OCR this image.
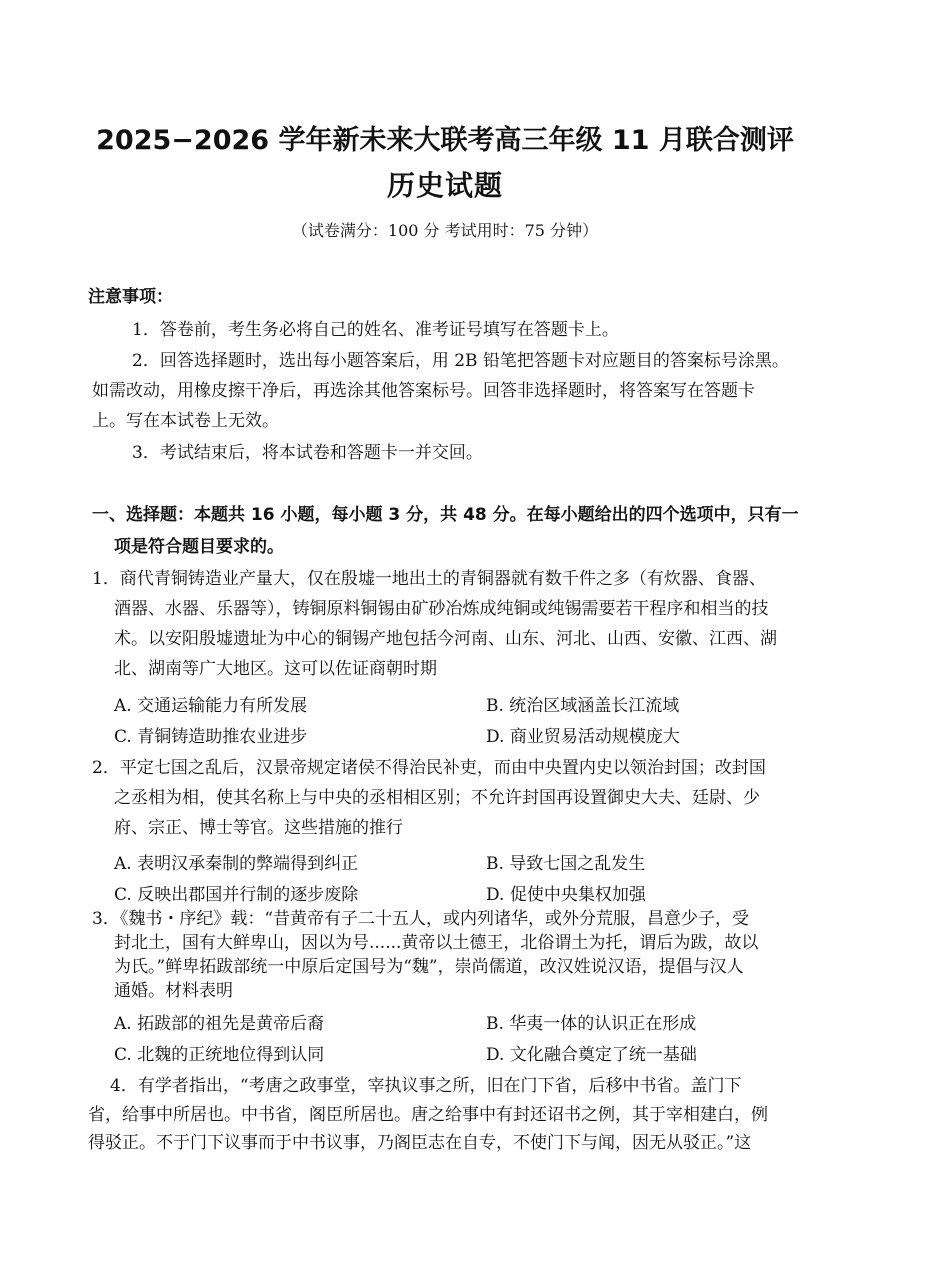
2025−2026 学年新未来大联考高三年级 11 月联合测评
历史试题
（试卷满分：100 分 考试用时：75 分钟）
注意事项：
1．答卷前，考生务必将自己的姓名、准考证号填写在答题卡上。
2．回答选择题时，选出每小题答案后，用 2B 铅笔把答题卡对应题目的答案标号涂黑。
如需改动，用橡皮擦干净后，再选涂其他答案标号。回答非选择题时，将答案写在答题卡
上。写在本试卷上无效。
3．考试结束后，将本试卷和答题卡一并交回。
一、选择题：本题共 16 小题，每小题 3 分，共 48 分。在每小题给出的四个选项中，只有一
项是符合题目要求的。
1．商代青铜铸造业产量大，仅在殷墟一地出土的青铜器就有数千件之多（有炊器、食器、
酒器、水器、乐器等），铸铜原料铜锡由矿砂冶炼成纯铜或纯锡需要若干程序和相当的技
术。以安阳殷墟遗址为中心的铜锡产地包括今河南、山东、河北、山西、安徽、江西、湖
北、湖南等广大地区。这可以佐证商朝时期
A. 交通运输能力有所发展	B. 统治区域涵盖长江流域
C. 青铜铸造助推农业进步	D. 商业贸易活动规模庞大
2．平定七国之乱后，汉景帝规定诸侯不得治民补吏，而由中央置内史以领治封国；改封国
之丞相为相，使其名称上与中央的丞相相区别；不允许封国再设置御史大夫、廷尉、少
府、宗正、博士等官。这些措施的推行
A. 表明汉承秦制的弊端得到纠正	B. 导致七国之乱发生
C. 反映出郡国并行制的逐步废除	D. 促使中央集权加强
3．《魏书・序纪》载：“昔黄帝有子二十五人，或内列诸华，或外分荒服，昌意少子，受
封北土，国有大鲜卑山，因以为号......黄帝以土德王，北俗谓土为托，谓后为跋，故以
为氏。”鲜卑拓跋部统一中原后定国号为“魏”，崇尚儒道，改汉姓说汉语，提倡与汉人
通婚。材料表明
A. 拓跋部的祖先是黄帝后裔	B. 华夷一体的认识正在形成
C. 北魏的正统地位得到认同	D. 文化融合奠定了统一基础
4．有学者指出，“考唐之政事堂，宰执议事之所，旧在门下省，后移中书省。盖门下
省，给事中所居也。中书省，阁臣所居也。唐之给事中有封还诏书之例，其于宰相建白，例
得驳正。不于门下议事而于中书议事，乃阁臣志在自专，不使门下与闻，因无从驳正。”这
